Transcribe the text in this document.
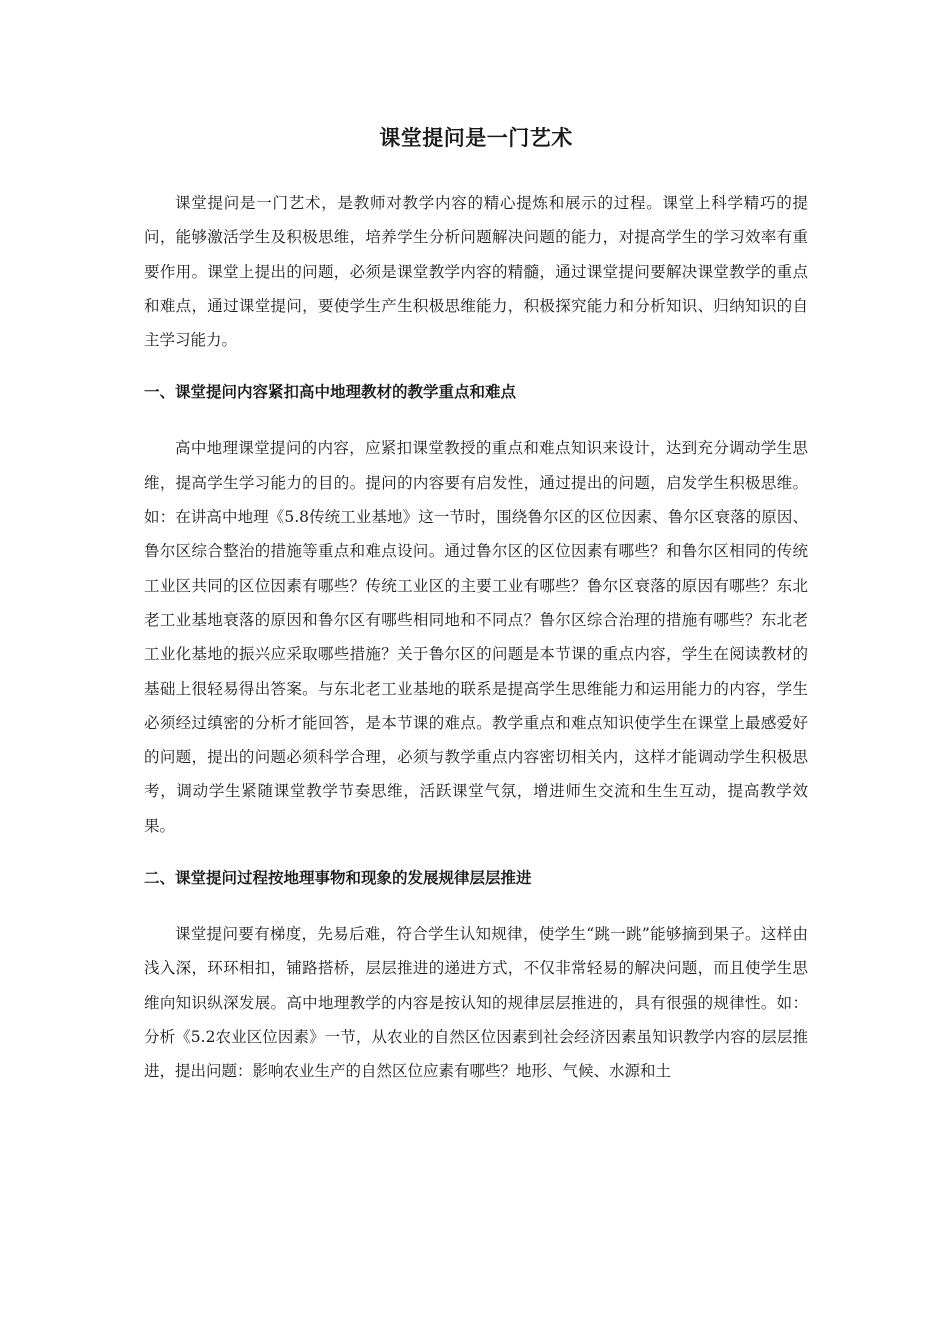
课堂提问是一门艺术

课堂提问是一门艺术，是教师对教学内容的精心提炼和展示的过程。课堂上科学精巧的提问，能够激活学生及积极思维，培养学生分析问题解决问题的能力，对提高学生的学习效率有重要作用。课堂上提出的问题，必须是课堂教学内容的精髓，通过课堂提问要解决课堂教学的重点和难点，通过课堂提问，要使学生产生积极思维能力，积极探究能力和分析知识、归纳知识的自主学习能力。

一、课堂提问内容紧扣高中地理教材的教学重点和难点

高中地理课堂提问的内容，应紧扣课堂教授的重点和难点知识来设计，达到充分调动学生思维，提高学生学习能力的目的。提问的内容要有启发性，通过提出的问题，启发学生积极思维。如：在讲高中地理《5.8传统工业基地》这一节时，围绕鲁尔区的区位因素、鲁尔区衰落的原因、鲁尔区综合整治的措施等重点和难点设问。通过鲁尔区的区位因素有哪些？和鲁尔区相同的传统工业区共同的区位因素有哪些？传统工业区的主要工业有哪些？鲁尔区衰落的原因有哪些？东北老工业基地衰落的原因和鲁尔区有哪些相同地和不同点？鲁尔区综合治理的措施有哪些？东北老工业化基地的振兴应采取哪些措施？关于鲁尔区的问题是本节课的重点内容，学生在阅读教材的基础上很轻易得出答案。与东北老工业基地的联系是提高学生思维能力和运用能力的内容，学生必须经过缜密的分析才能回答，是本节课的难点。教学重点和难点知识使学生在课堂上最感爱好的问题，提出的问题必须科学合理，必须与教学重点内容密切相关内，这样才能调动学生积极思考，调动学生紧随课堂教学节奏思维，活跃课堂气氛，增进师生交流和生生互动，提高教学效果。

二、课堂提问过程按地理事物和现象的发展规律层层推进

课堂提问要有梯度，先易后难，符合学生认知规律，使学生“跳一跳”能够摘到果子。这样由浅入深，环环相扣，铺路搭桥，层层推进的递进方式，不仅非常轻易的解决问题，而且使学生思维向知识纵深发展。高中地理教学的内容是按认知的规律层层推进的，具有很强的规律性。如：分析《5.2农业区位因素》一节，从农业的自然区位因素到社会经济因素虽知识教学内容的层层推进，提出问题：影响农业生产的自然区位应素有哪些？地形、气候、水源和土
